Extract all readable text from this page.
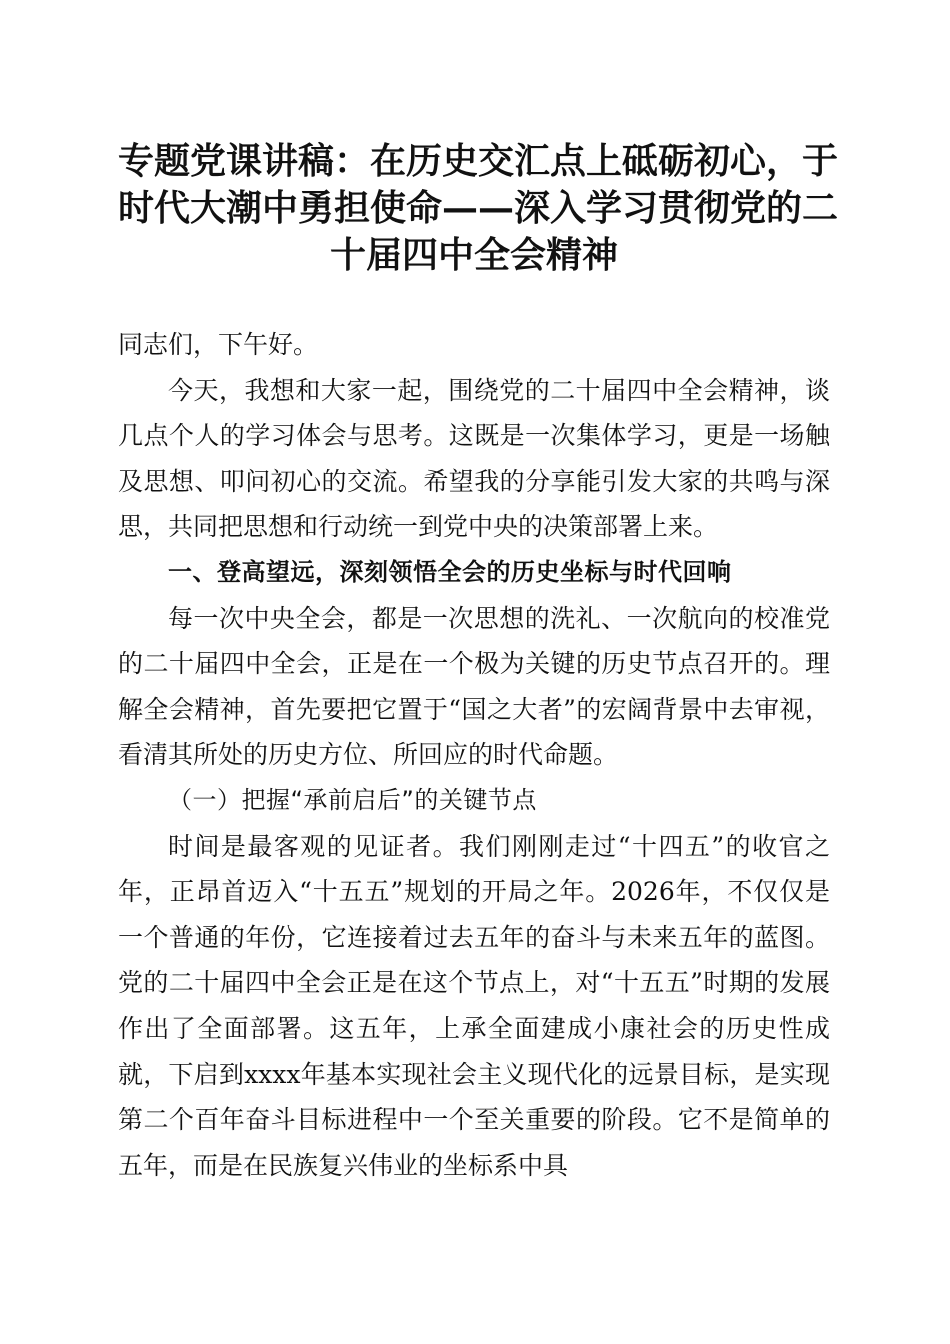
专题党课讲稿：在历史交汇点上砥砺初心，于
时代大潮中勇担使命——深入学习贯彻党的二
十届四中全会精神

同志们，下午好。

今天，我想和大家一起，围绕党的二十届四中全会精神，谈几点个人的学习体会与思考。这既是一次集体学习，更是一场触及思想、叩问初心的交流。希望我的分享能引发大家的共鸣与深思，共同把思想和行动统一到党中央的决策部署上来。

一、登高望远，深刻领悟全会的历史坐标与时代回响

每一次中央全会，都是一次思想的洗礼、一次航向的校准党的二十届四中全会，正是在一个极为关键的历史节点召开的。理解全会精神，首先要把它置于“国之大者”的宏阔背景中去审视，看清其所处的历史方位、所回应的时代命题。

（一）把握“承前启后”的关键节点

时间是最客观的见证者。我们刚刚走过“十四五”的收官之年，正昂首迈入“十五五”规划的开局之年。2026年，不仅仅是一个普通的年份，它连接着过去五年的奋斗与未来五年的蓝图。党的二十届四中全会正是在这个节点上，对“十五五”时期的发展作出了全面部署。这五年，上承全面建成小康社会的历史性成就，下启到xxxx年基本实现社会主义现代化的远景目标，是实现第二个百年奋斗目标进程中一个至关重要的阶段。它不是简单的五年，而是在民族复兴伟业的坐标系中具
